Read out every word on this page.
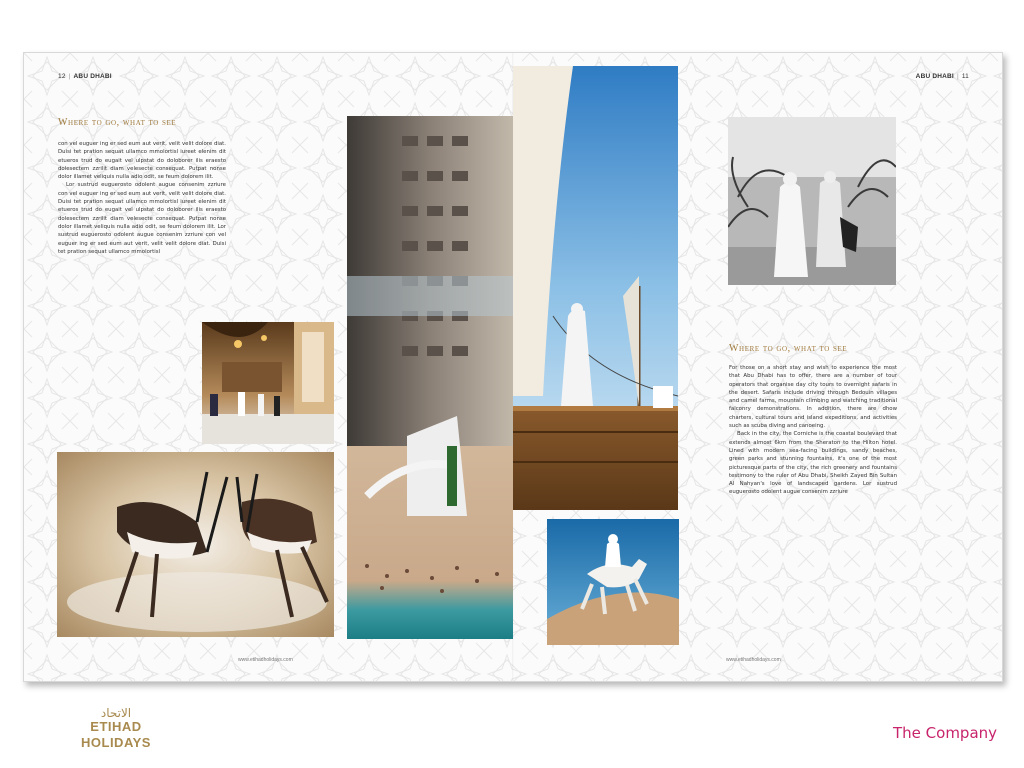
12 | ABU DHABI	ABU DHABI | 11
Where to go, what to see

con vel euguer ing er sed eum aut verit, velit velit dolore diat. Duisi tet pration sequat ullamco mmolortisl iureet elenim dit etueros trud do eugait vel ulpstat do doloborer ilis eraesto dolesectem zzrilit diam velesecte consequat. Putpat nonse dolor illamet veliquis nulla adio odit, se feum dolorem ilit.

Lor sustrud euguerosto odolent augue consenim zzriure con vel euguer ing er sed eum aut verit, velit velit dolore diat. Duisi tet pration sequat ullamco mmolortisl iureet elenim dit etueros trud do eugait vel ulpstat do doloborer ilis eraesto dolesectem zzrilit diam velesecte consequat. Putpat nonse dolor illamet veliquis nulla adio odit, se feum dolorem ilit. Lor sustrud euguerosto odolent augue consenim zzriure con vel euguer ing er sed eum aut verit, velit velit dolore diat. Duisi tet pration sequat ullamco mmolortisl

Where to go, what to see

For those on a short stay and wish to experience the most that Abu Dhabi has to offer, there are a number of tour operators that organise day city tours to overnight safaris in the desert. Safaris include driving through Bedouin villages and camel farms, mountain climbing and watching traditional falconry demonstrations. In addition, there are dhow charters, cultural tours and island expeditions, and activities such as scuba diving and canoeing.

Back in the city, the Corniche is the coastal boulevard that extends almost 6km from the Sheraton to the Hilton hotel. Lined with modern sea-facing buildings, sandy beaches, green parks and stunning fountains, it's one of the most picturesque parts of the city, the rich greenery and fountains testimony to the ruler of Abu Dhabi, Sheikh Zayed Bin Sultan Al Nahyan's love of landscaped gardens. Lor sustrud euguerosto odolent augue consenim zzriure

www.etihadholidays.com	www.etihadholidays.com
الاتحاد
ETIHAD
HOLIDAYS
The Company
